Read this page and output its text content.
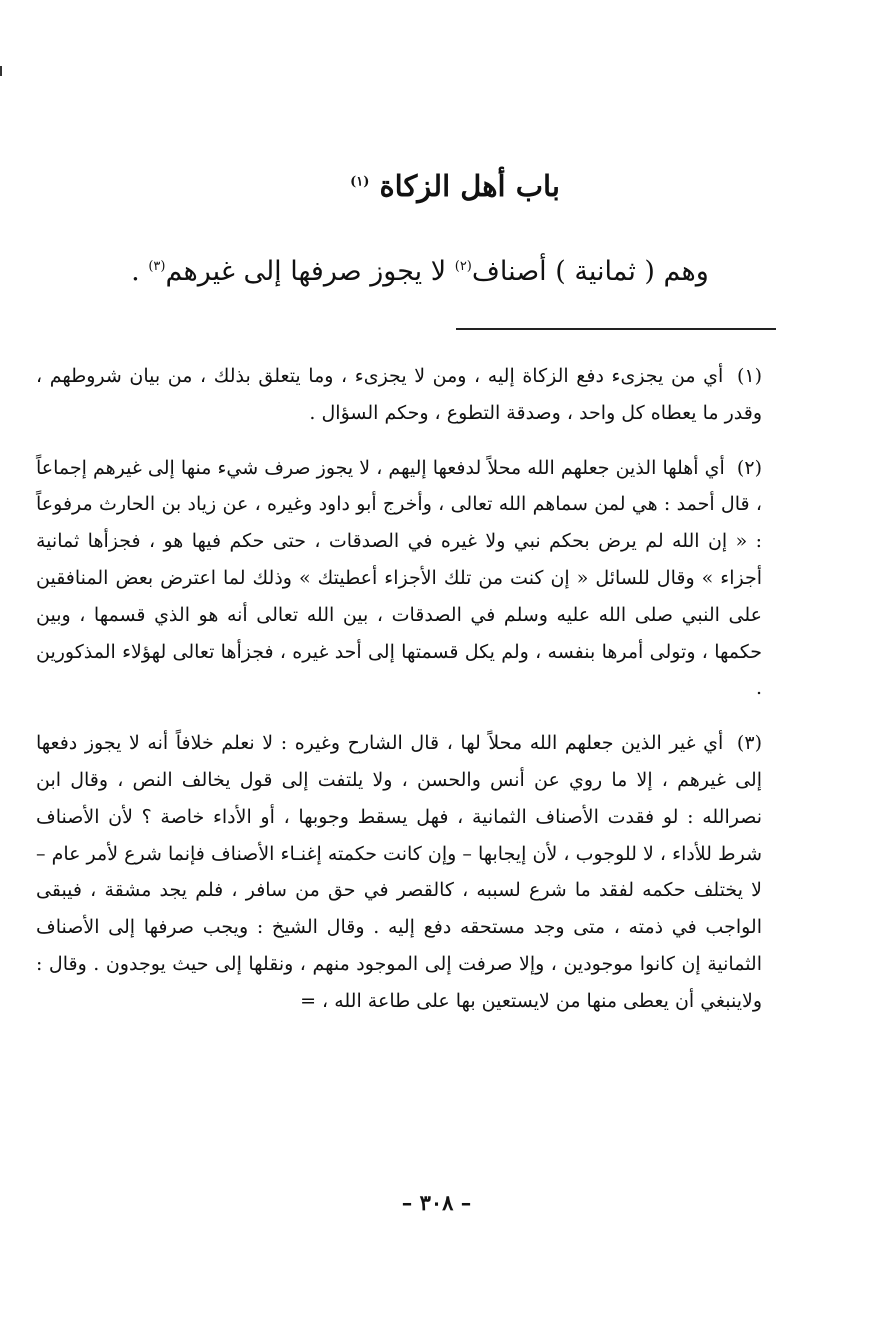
باب أهل الزكاة $^{(١)}$
وهم ( ثمانية ) أصناف$^{(٢)}$ لا يجوز صرفها إلى غيرهم$^{(٣)}$ .

(١) أي من يجزىء دفع الزكاة إليه ، ومن لا يجزىء ، وما يتعلق بذلك ، من بيان شروطهم ، وقدر ما يعطاه كل واحد ، وصدقة التطوع ، وحكم السؤال .

(٢) أي أهلها الذين جعلهم الله محلاً لدفعها إليهم ، لا يجوز صرف شيء منها إلى غيرهم إجماعاً ، قال أحمد : هي لمن سماهم الله تعالى ، وأخرج أبو داود وغيره ، عن زياد بن الحارث مرفوعاً : « إن الله لم يرض بحكم نبي ولا غيره في الصدقات ، حتى حكم فيها هو ، فجزأها ثمانية أجزاء » وقال للسائل « إن كنت من تلك الأجزاء أعطيتك » وذلك لما اعترض بعض المنافقين على النبي صلى الله عليه وسلم في الصدقات ، بين الله تعالى أنه هو الذي قسمها ، وبين حكمها ، وتولى أمرها بنفسه ، ولم يكل قسمتها إلى أحد غيره ، فجزأها تعالى لهؤلاء المذكورين .

(٣) أي غير الذين جعلهم الله محلاً لها ، قال الشارح وغيره : لا نعلم خلافاً أنه لا يجوز دفعها إلى غيرهم ، إلا ما روي عن أنس والحسن ، ولا يلتفت إلى قول يخالف النص ، وقال ابن نصرالله : لو فقدت الأصناف الثمانية ، فهل يسقط وجوبها ، أو الأداء خاصة ؟ لأن الأصناف شرط للأداء ، لا للوجوب ، لأن إيجابها – وإن كانت حكمته إغنـاء الأصناف فإنما شرع لأمر عام – لا يختلف حكمه لفقد ما شرع لسببه ، كالقصر في حق من سافر ، فلم يجد مشقة ، فيبقى الواجب في ذمته ، متى وجد مستحقه دفع إليه . وقال الشيخ : ويجب صرفها إلى الأصناف الثمانية إن كانوا موجودين ، وإلا صرفت إلى الموجود منهم ، ونقلها إلى حيث يوجدون . وقال : ولاينبغي أن يعطى منها من لايستعين بها على طاعة الله ، =

– ٣٠٨ –
